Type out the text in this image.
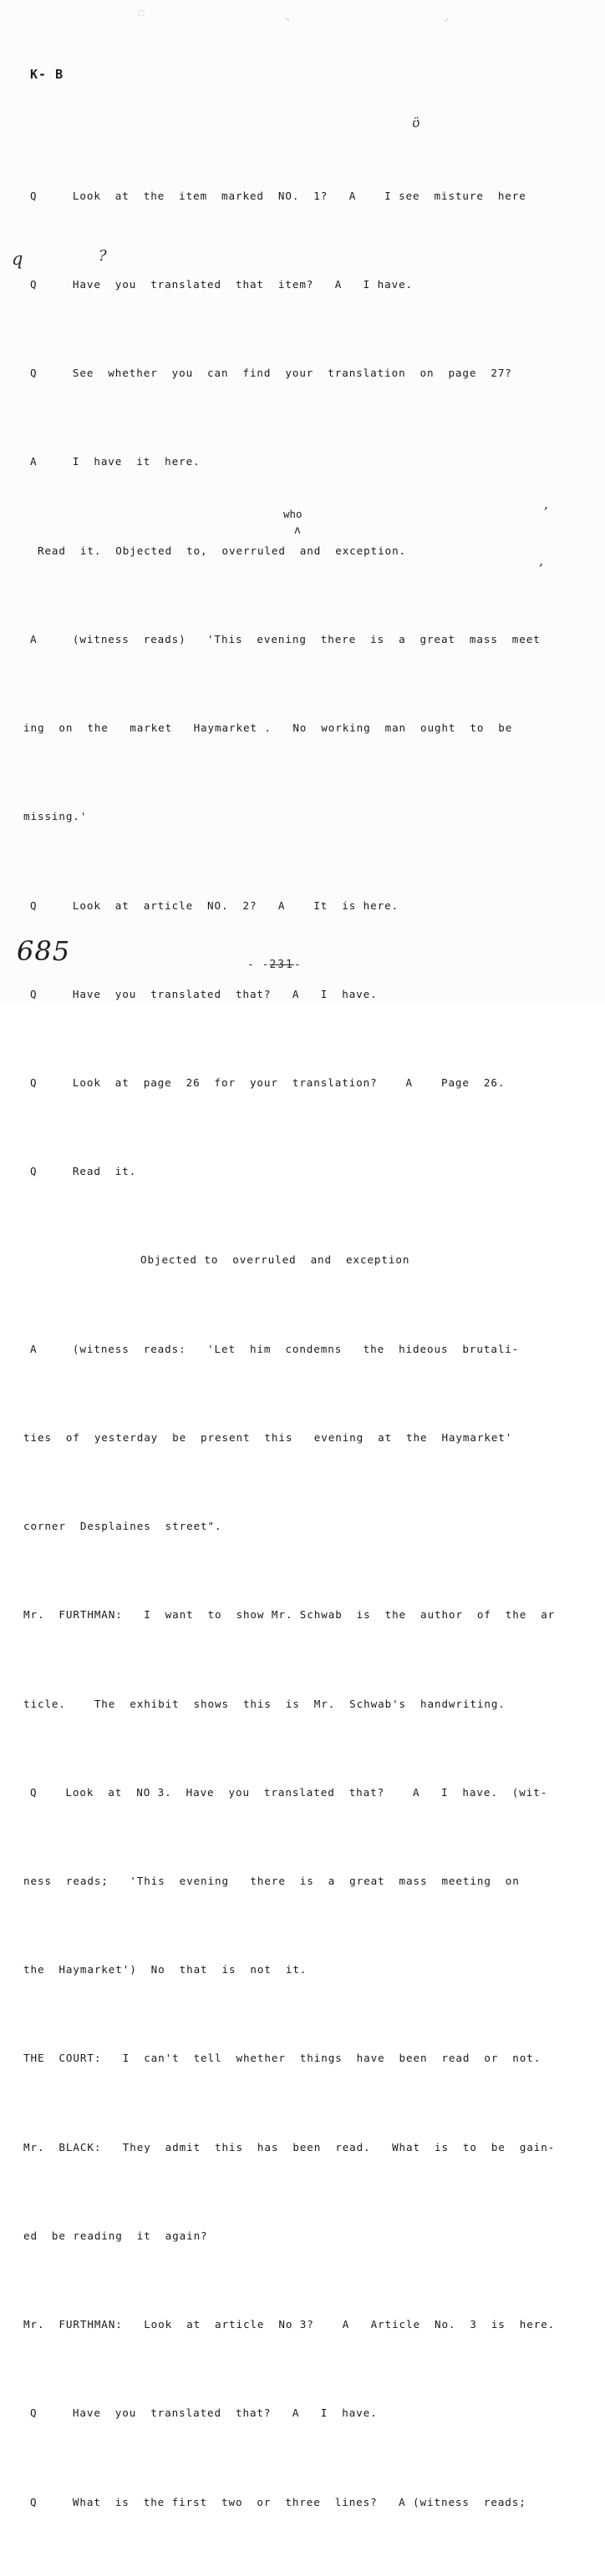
◌
◝	◞
K- B

Q     Look  at  the  item  marked  NO.  1?   A    I see  misture  here

Q     Have  you  translated  that  item?   A   I have.

Q     See  whether  you  can  find  your  translation  on  page  27?

A     I  have  it  here.

Read  it.  Objected  to,  overruled  and  exception.

A     (witness  reads)   'This  evening  there  is  a  great  mass  meet

ing  on  the   market   Haymarket .   No  working  man  ought  to  be

missing.'

Q     Look  at  article  NO.  2?   A    It  is here.

Q     Have  you  translated  that?   A   I  have.

Q     Look  at  page  26  for  your  translation?    A    Page  26.

Q     Read  it.

Objected to  overruled  and  exception

A     (witness  reads:   'Let  him  condemns   the  hideous  brutali-

ties  of  yesterday  be  present  this   evening  at  the  Haymarket'

corner  Desplaines  street".

Mr.  FURTHMAN:   I  want  to  show Mr. Schwab  is  the  author  of  the  ar

ticle.    The  exhibit  shows  this  is  Mr.  Schwab's  handwriting.

Q    Look  at  NO 3.  Have  you  translated  that?    A   I  have.  (wit-

ness  reads;   'This  evening   there  is  a  great  mass  meeting  on

the  Haymarket')  No  that  is  not  it.

THE  COURT:   I  can't  tell  whether  things  have  been  read  or  not.

Mr.  BLACK:   They  admit  this  has  been  read.   What  is  to  be  gain-

ed  be reading  it  again?

Mr.  FURTHMAN:   Look  at  article  No 3?    A   Article  No.  3  is  here.

Q     Have  you  translated  that?   A   I  have.

Q     What  is  the first  two  or  three  lines?   A (witness  reads;

q	?
ʊ̈
who
ʌ
,
,
685	- -231-
